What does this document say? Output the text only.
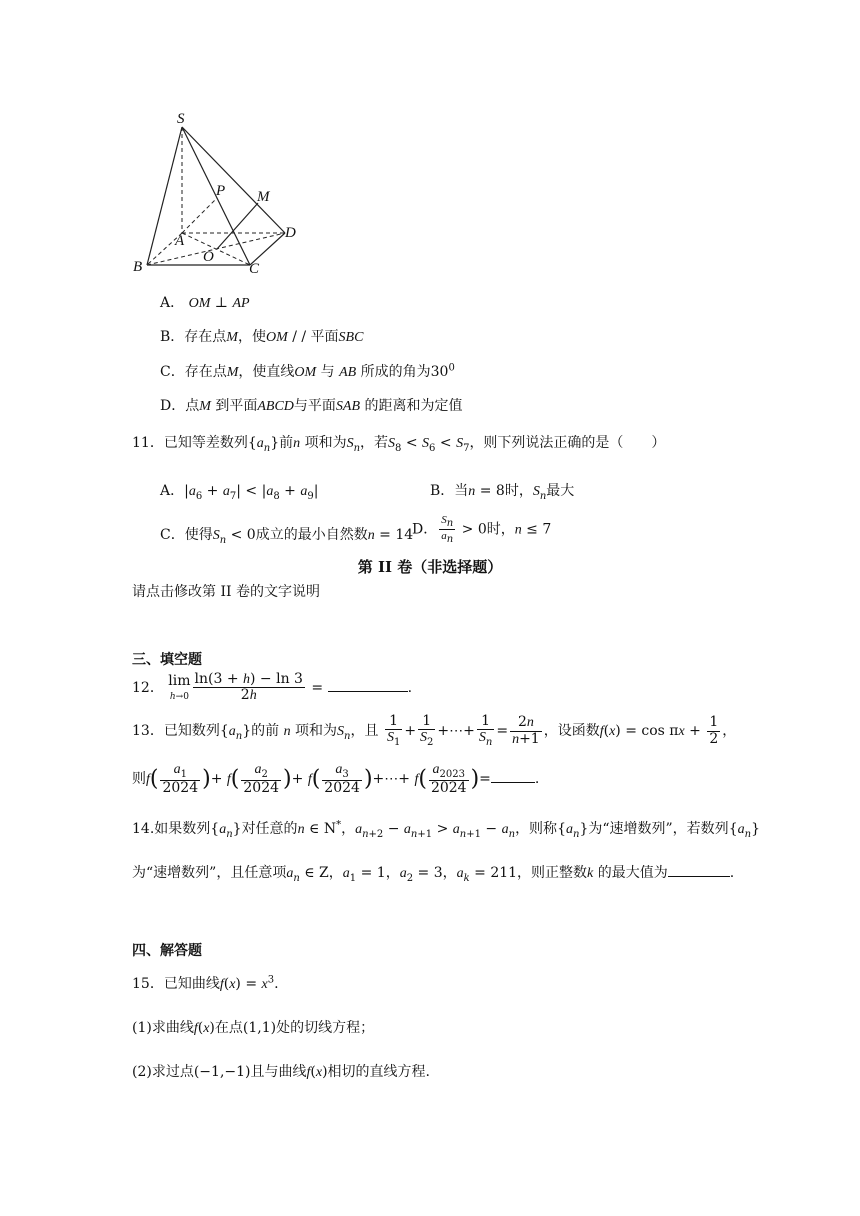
S
P M
A	D
O
B	C
A． OM ⊥ AP
B．存在点M，使OM / / 平面SBC
C．存在点M，使直线OM 与 AB 所成的角为$30^0$
D．点M 到平面ABCD与平面SAB 的距离和为定值
11．已知等差数列$\{a_n\}$前n 项和为$S_n$，若$S_8 < S_6 < S_7$，则下列说法正确的是（　　）
A．$|a_6 + a_7| < |a_8 + a_9|$	B．当n = 8时，$S_n$最大
C．使得$S_n < 0$成立的最小自然数n = 14
D． $\frac{S_n}{a_n} > 0$时，n ≤ 7
第 II 卷（非选择题）
请点击修改第 II 卷的文字说明
三、填空题
12． lim
$h\to 0 \frac{\ln(3 + h) - \ln 3}{2h}$ =	.
13．已知数列$\{a_n\}$的前 n 项和为$S_n$，且 $\frac{1}{S_1} + \frac{1}{S_2}$ +⋯+ $\frac{1}{S_n} = \frac{2n}{n+1}$ ，设函数$f(x) = \cos \pi x + \frac{1}{2}$ ，
则$f( \frac{a_1}{2024}$ )+ $f( \frac{a_2}{2024}$ )+ $f( \frac{a_3}{2024}$ )+⋯+ $f( \frac{a_{2023}}{2024}$ )=	.
14.如果数列$\{a_n\}$对任意的n ∈ N*，$a_{n+2} - a_{n+1} > a_{n+1} - a_n$，则称$\{a_n\}$为“速增数列”，若数列$\{a_n\}$
为“速增数列”，且任意项$a_n$ ∈ Z，$a_1 = 1$，$a_2 = 3$，$a_k = 211$，则正整数k 的最大值为	.
四、解答题
15．已知曲线$f(x) = x^3$.
(1)求曲线f(x)在点(1,1)处的切线方程；
(2)求过点(−1,−1)且与曲线f(x)相切的直线方程.
